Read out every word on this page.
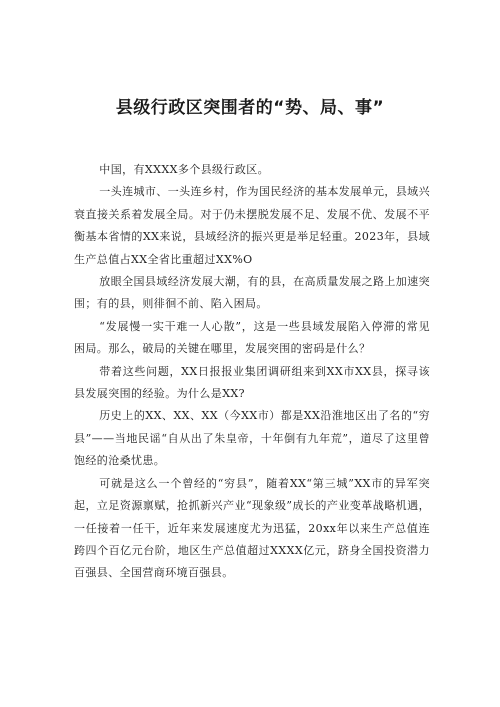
县级行政区突围者的“势、局、事”

中国，有XXXX多个县级行政区。

一头连城市、一头连乡村，作为国民经济的基本发展单元，县域兴衰直接关系着发展全局。对于仍未摆脱发展不足、发展不优、发展不平衡基本省情的XX来说，县域经济的振兴更是举足轻重。2023年，县域生产总值占XX全省比重超过XX%O

放眼全国县域经济发展大潮，有的县，在高质量发展之路上加速突围；有的县，则徘徊不前、陷入困局。

“发展慢一实干难一人心散”，这是一些县域发展陷入停滞的常见困局。那么，破局的关键在哪里，发展突围的密码是什么？

带着这些问题，XX日报报业集团调研组来到XX市XX县，探寻该县发展突围的经验。为什么是XX?

历史上的XX、XX、XX（今XX市）都是XX沿淮地区出了名的“穷县”——当地民谣“自从出了朱皇帝，十年倒有九年荒”，道尽了这里曾饱经的沧桑忧患。

可就是这么一个曾经的“穷县”，随着XX“第三城”XX市的异军突起，立足资源禀赋，抢抓新兴产业“现象级”成长的产业变革战略机遇，一任接着一任干，近年来发展速度尤为迅猛，20xx年以来生产总值连跨四个百亿元台阶，地区生产总值超过XXXX亿元，跻身全国投资潜力百强县、全国营商环境百强县。
